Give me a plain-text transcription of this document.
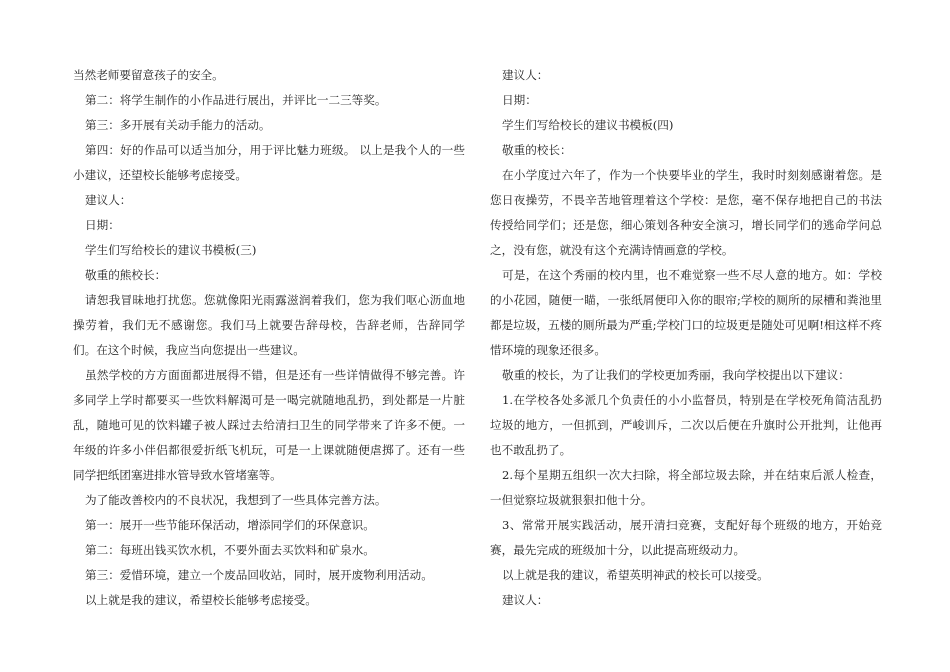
当然老师要留意孩子的安全。

第二：将学生制作的小作品进行展出，并评比一二三等奖。

第三：多开展有关动手能力的活动。

第四：好的作品可以适当加分，用于评比魅力班级。 以上是我个人的一些小建议，还望校长能够考虑接受。

建议人：

日期：

学生们写给校长的建议书模板(三)

敬重的熊校长：

请恕我冒昧地打扰您。您就像阳光雨露滋润着我们，您为我们呕心沥血地操劳着，我们无不感谢您。我们马上就要告辞母校，告辞老师，告辞同学们。在这个时候，我应当向您提出一些建议。

虽然学校的方方面面都进展得不错，但是还有一些详情做得不够完善。许多同学上学时都要买一些饮料解渴可是一喝完就随地乱扔，到处都是一片脏乱，随地可见的饮料罐子被人踩过去给清扫卫生的同学带来了许多不便。一年级的许多小伴侣都很爱折纸飞机玩，可是一上课就随便虐掷了。还有一些同学把纸团塞进排水管导致水管堵塞等。

为了能改善校内的不良状况，我想到了一些具体完善方法。

第一：展开一些节能环保活动，增添同学们的环保意识。

第二：每班出钱买饮水机，不要外面去买饮料和矿泉水。

第三：爱惜环境，建立一个废品回收站，同时，展开废物利用活动。

以上就是我的建议，希望校长能够考虑接受。

建议人：

日期：

学生们写给校长的建议书模板(四)

敬重的校长：

在小学度过六年了，作为一个快要毕业的学生，我时时刻刻感谢着您。是您日夜操劳，不畏辛苦地管理着这个学校：是您，毫不保存地把自己的书法传授给同学们；还是您，细心策划各种安全演习，增长同学们的逃命学问总之，没有您，就没有这个充满诗情画意的学校。

可是，在这个秀丽的校内里，也不难觉察一些不尽人意的地方。如：学校的小花园，随便一瞄，一张纸屑便印入你的眼帘;学校的厕所的尿槽和粪池里都是垃圾，五楼的厕所最为严重;学校门口的垃圾更是随处可见啊!相这样不疼惜环境的现象还很多。

敬重的校长，为了让我们的学校更加秀丽，我向学校提出以下建议：

1.在学校各处多派几个负责任的小小监督员，特别是在学校死角简洁乱扔垃圾的地方，一但抓到，严峻训斥，二次以后便在升旗时公开批判，让他再也不敢乱扔了。

2.每个星期五组织一次大扫除，将全部垃圾去除，并在结束后派人检查，一但觉察垃圾就狠狠扣他十分。

3、常常开展实践活动，展开清扫竞赛，支配好每个班级的地方，开始竞赛，最先完成的班级加十分，以此提高班级动力。

以上就是我的建议，希望英明神武的校长可以接受。

建议人：
